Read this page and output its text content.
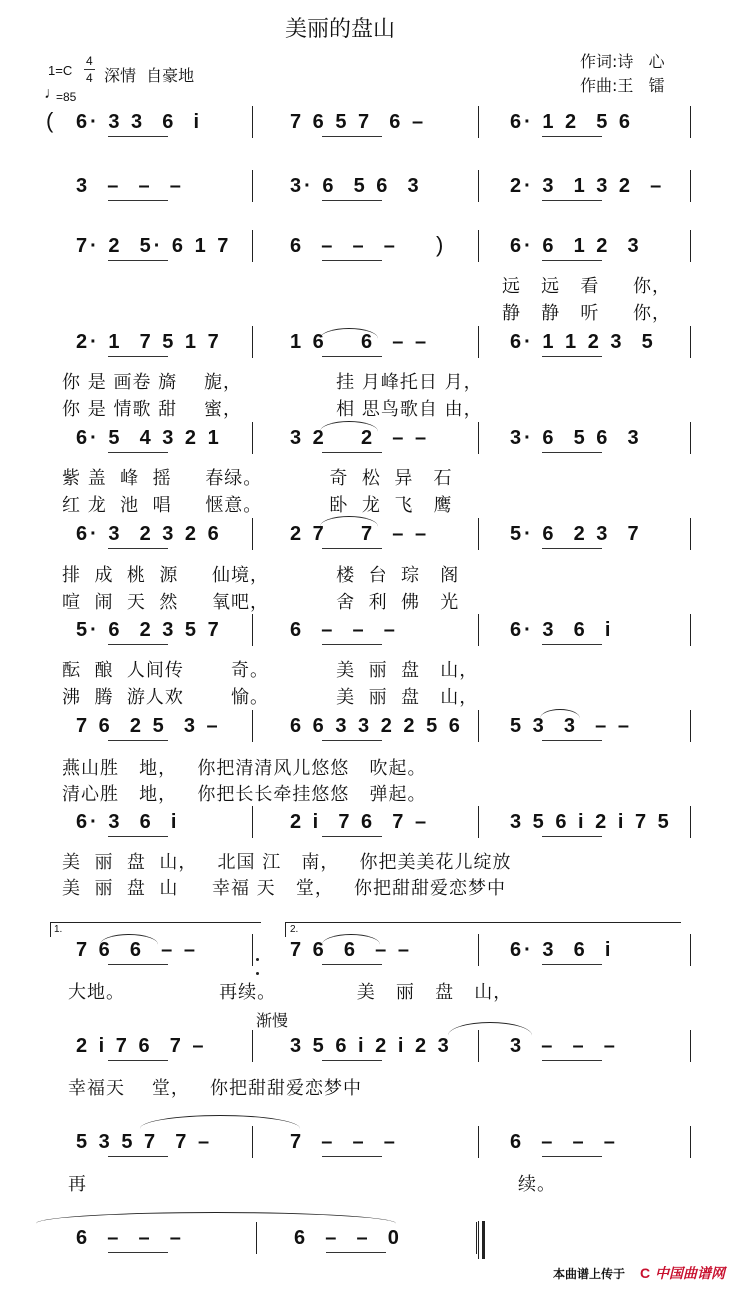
美丽的盘山
1=C
4
4
♩
=85
深情  自豪地
作词:诗   心
作曲:王   镭
( 6· 3 3  6  i	7 6 5 7  6 –	6· 1 2  5 6
3  –  –  –	3· 6  5 6  3	2· 3  1 3 2  –
7· 2  5· 6 1 7	6  –  –  –	6· 6  1 2  3
)
2· 1  7 5 1 7	1 6    6  – –	6· 1 1 2 3  5
6· 5  4 3 2 1	3 2    2  – –	3· 6  5 6  3
6· 3  2 3 2 6	2 7    7  – –	5· 6  2 3  7
5· 6  2 3 5 7	6  –  –  –	6· 3  6  i
7 6  2 5  3 –	6 6 3 3 2 2 5 6 5 3  3  – –
6· 3  6  i	2 i  7 6  7 –	3 5 6 i 2 i 7 5
7 6  6  – –	7 6  6  – –	6· 3  6  i
2 i 7 6  7 –	3 5 6 i 2 i 2 3	3  –  –  –
5 3 5 7  7 –	7  –  –  –	6  –  –  –
6  –  –  –	6  –  –  0
远   远   看     你，
静   静   听     你，
你 是 画卷 旖    旎，              挂 月峰托日 月，
你 是 情歌 甜    蜜，              相 思鸟歌自 由，
紫 盖  峰  摇     春绿。          奇  松  异   石
红 龙  池  唱     惬意。          卧  龙  飞   鹰
排  成  桃  源     仙境，          楼  台  琮   阁
喧  闹  天  然     氧吧，          舍  利  佛   光
酝  酿  人间传       奇。          美  丽  盘   山，
沸  腾  游人欢       愉。          美  丽  盘   山，
燕山胜   地，   你把清清风儿悠悠   吹起。
清心胜   地，   你把长长牵挂悠悠   弹起。
美  丽  盘  山，   北国 江   南，   你把美美花儿绽放
美  丽  盘  山     幸福 天   堂，   你把甜甜爱恋梦中
大地。              再续。            美   丽   盘   山，
幸福天    堂，   你把甜甜爱恋梦中
再	续。
1.	2.
渐慢
本曲谱上传于 C 中国曲谱网
